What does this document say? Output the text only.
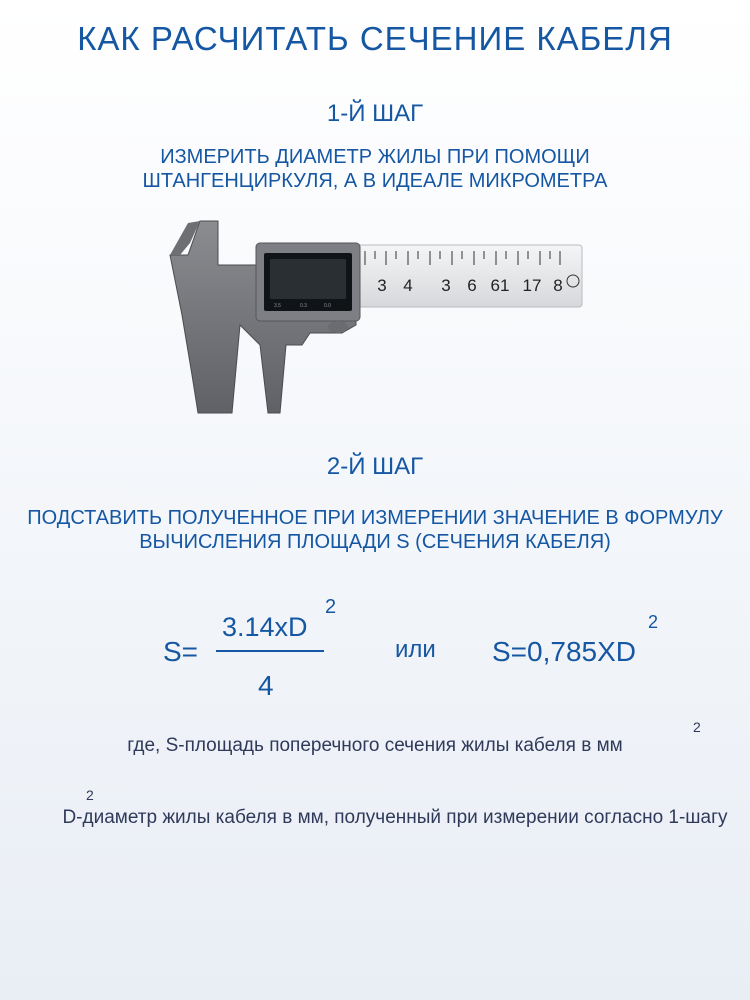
КАК РАСЧИТАТЬ СЕЧЕНИЕ КАБЕЛЯ
1-Й ШАГ
ИЗМЕРИТЬ ДИАМЕТР ЖИЛЫ ПРИ ПОМОЩИ ШТАНГЕНЦИРКУЛЯ, А В ИДЕАЛЕ МИКРОМЕТРА
3 4 3 6 61 17 8
3.5	0.3	0.0
2-Й ШАГ
ПОДСТАВИТЬ ПОЛУЧЕННОЕ ПРИ ИЗМЕРЕНИИ ЗНАЧЕНИЕ В ФОРМУЛУ ВЫЧИСЛЕНИЯ ПЛОЩАДИ S (СЕЧЕНИЯ КАБЕЛЯ)
S=
3.14xD
2
4
или S=0,785XD
2
где, S-площадь поперечного сечения жилы кабеля в мм
2
2
D-диаметр жилы кабеля в мм, полученный при измерении согласно 1-шагу
